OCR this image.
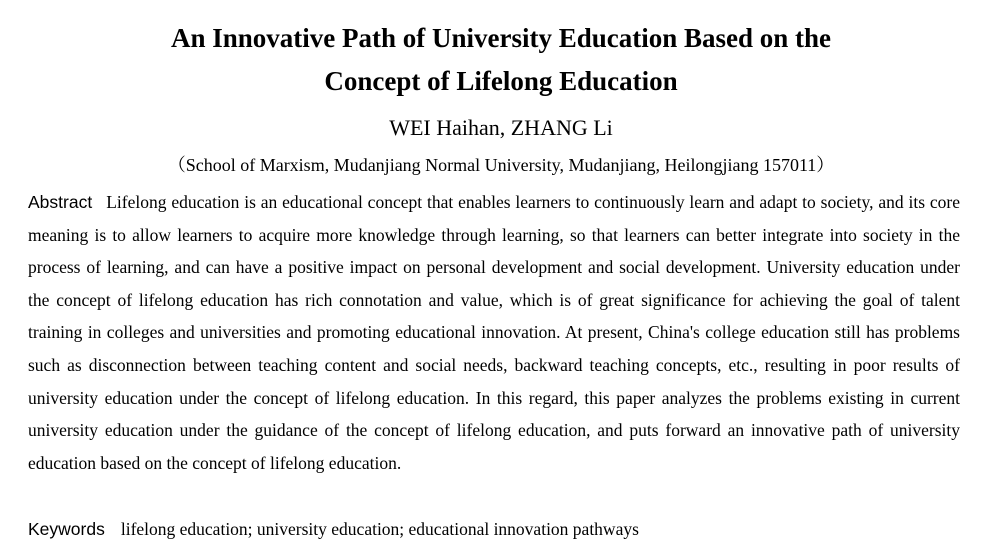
An Innovative Path of University Education Based on the
Concept of Lifelong Education
WEI Haihan, ZHANG Li
（School of Marxism, Mudanjiang Normal University, Mudanjiang, Heilongjiang 157011）

Abstract Lifelong education is an educational concept that enables learners to continuously learn and adapt to society, and its core meaning is to allow learners to acquire more knowledge through learning, so that learners can better integrate into society in the process of learning, and can have a positive impact on personal development and social development. University education under the concept of lifelong education has rich connotation and value, which is of great significance for achieving the goal of talent training in colleges and universities and promoting educational innovation. At present, China's college education still has problems such as disconnection between teaching content and social needs, backward teaching concepts, etc., resulting in poor results of university education under the concept of lifelong education. In this regard, this paper analyzes the problems existing in current university education under the guidance of the concept of lifelong education, and puts forward an innovative path of university education based on the concept of lifelong education.

Keywords lifelong education; university education; educational innovation pathways
